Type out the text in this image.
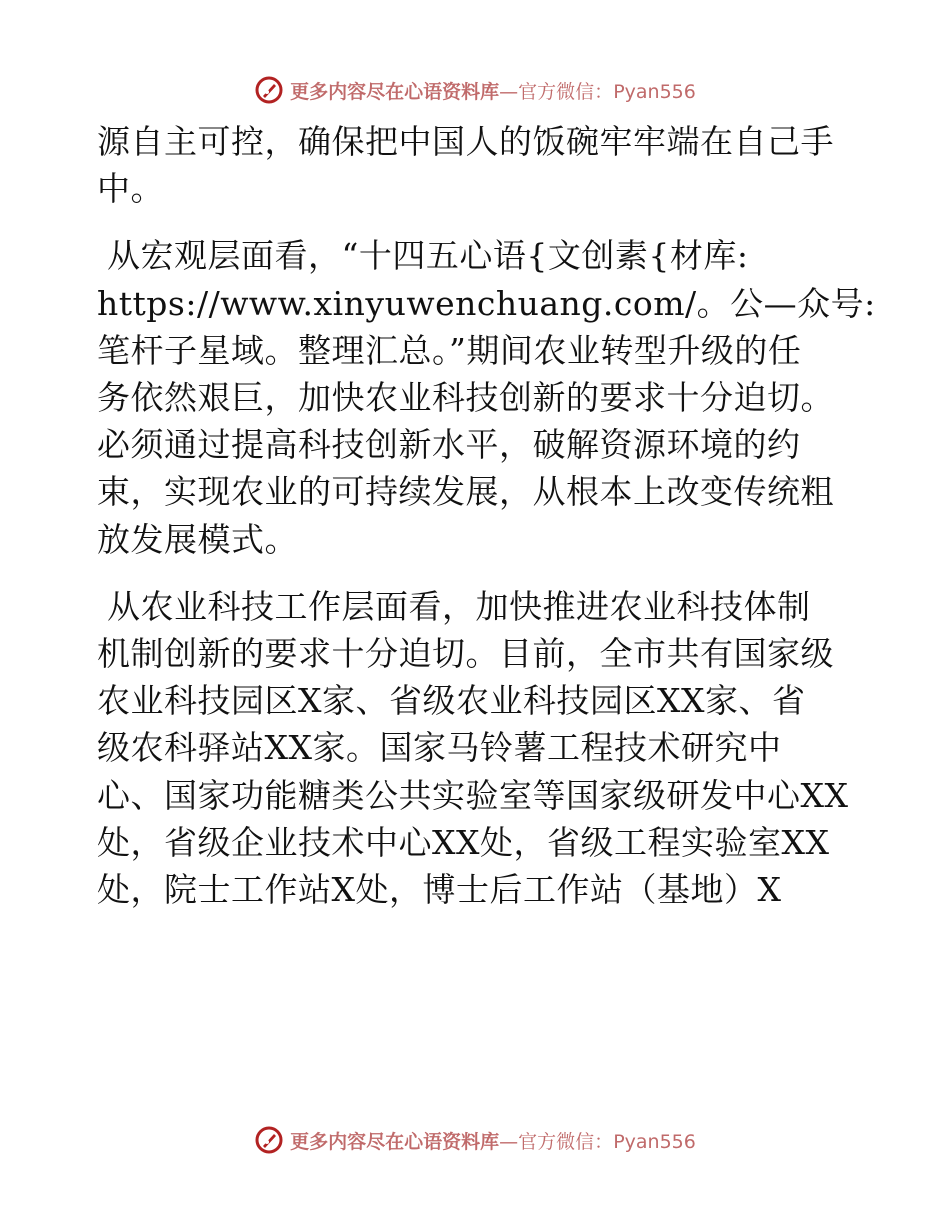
更多内容尽在心语资料库—官方微信：Pyan556

源自主可控，确保把中国人的饭碗牢牢端在自己手
中。

从宏观层面看，“十四五心语{文创素{材库:
https://www.xinyuwenchuang.com/。公—众号:
笔杆子星域。整理汇总。”期间农业转型升级的任
务依然艰巨，加快农业科技创新的要求十分迫切。
必须通过提高科技创新水平，破解资源环境的约
束，实现农业的可持续发展，从根本上改变传统粗
放发展模式。

从农业科技工作层面看，加快推进农业科技体制
机制创新的要求十分迫切。目前，全市共有国家级
农业科技园区X家、省级农业科技园区XX家、省
级农科驿站XX家。国家马铃薯工程技术研究中
心、国家功能糖类公共实验室等国家级研发中心XX
处，省级企业技术中心XX处，省级工程实验室XX
处，院士工作站X处，博士后工作站（基地）X

更多内容尽在心语资料库—官方微信：Pyan556
